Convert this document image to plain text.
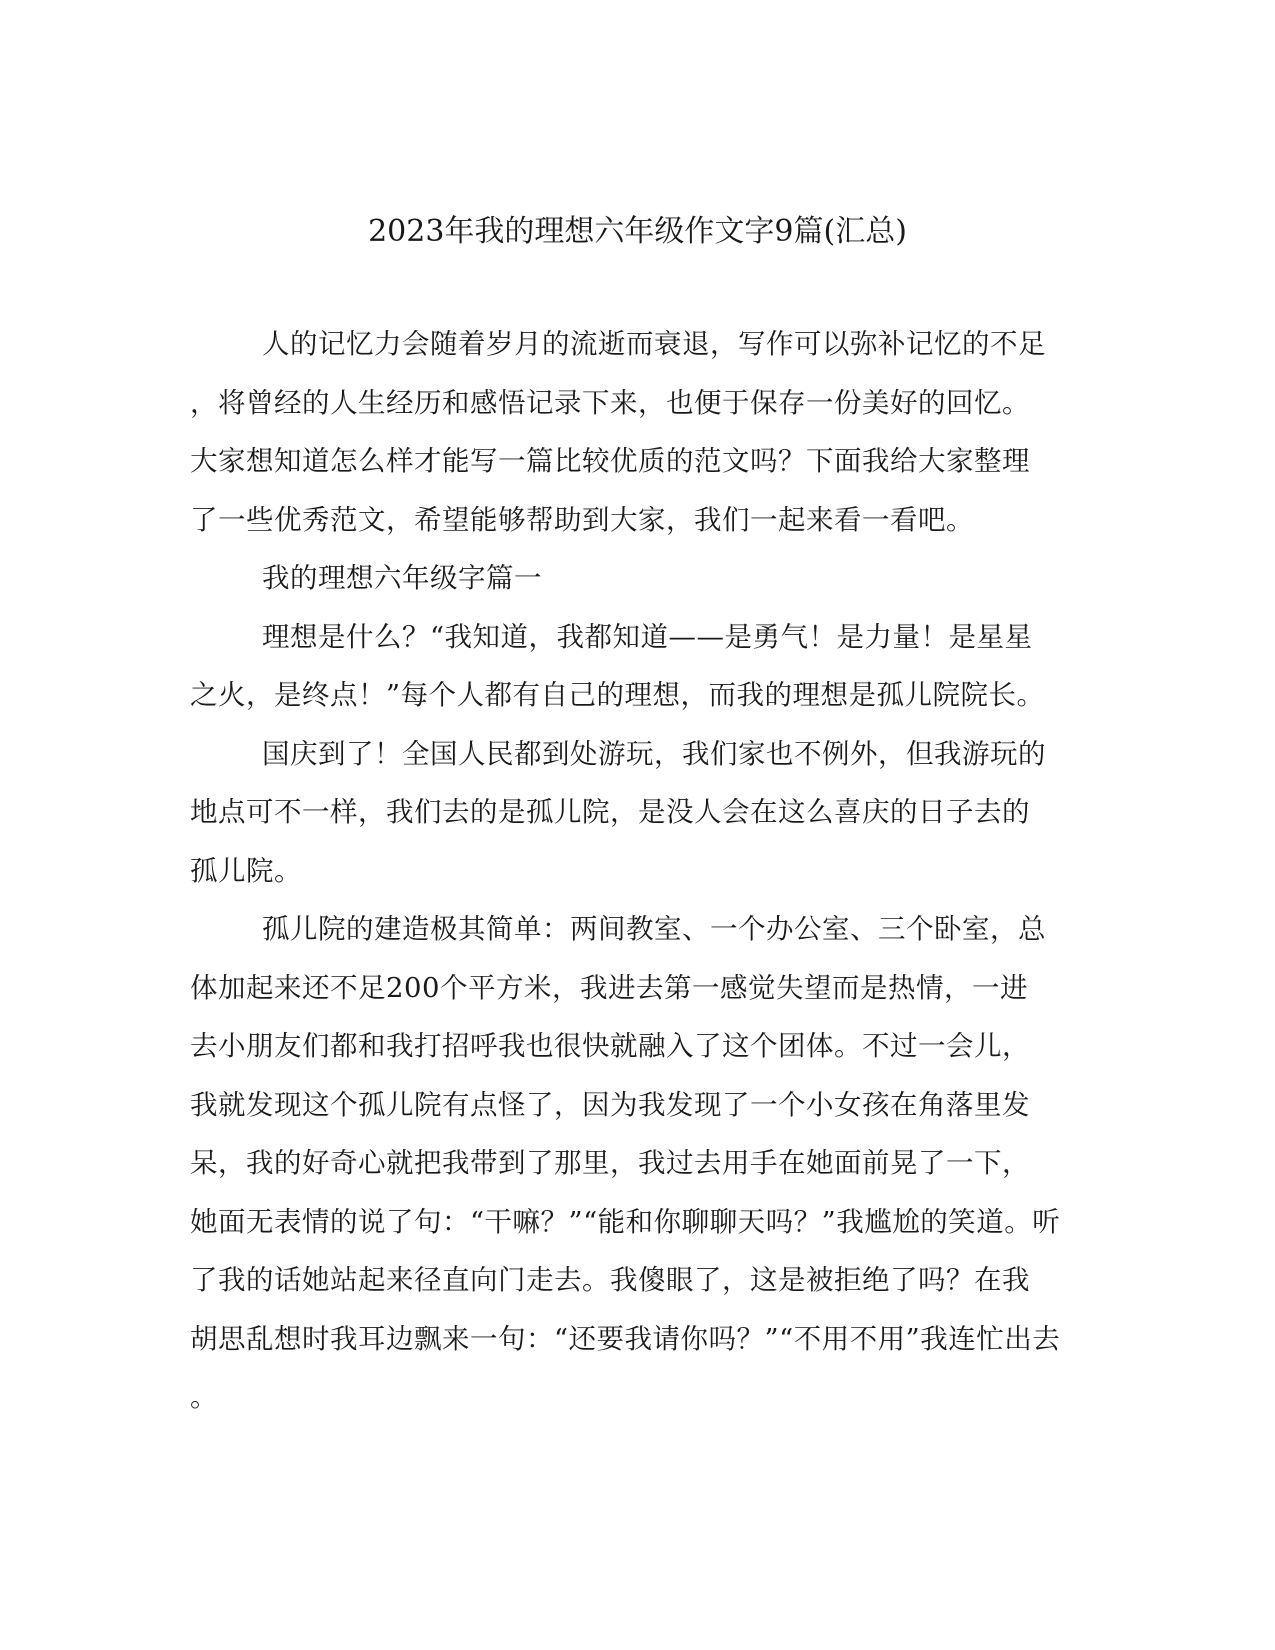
2023年我的理想六年级作文字9篇(汇总)
人的记忆力会随着岁月的流逝而衰退，写作可以弥补记忆的不足
，将曾经的人生经历和感悟记录下来，也便于保存一份美好的回忆。
大家想知道怎么样才能写一篇比较优质的范文吗？下面我给大家整理
了一些优秀范文，希望能够帮助到大家，我们一起来看一看吧。
我的理想六年级字篇一
理想是什么？“我知道，我都知道——是勇气！是力量！是星星
之火，是终点！”每个人都有自己的理想，而我的理想是孤儿院院长。
国庆到了！全国人民都到处游玩，我们家也不例外，但我游玩的
地点可不一样，我们去的是孤儿院，是没人会在这么喜庆的日子去的
孤儿院。
孤儿院的建造极其简单：两间教室、一个办公室、三个卧室，总
体加起来还不足200个平方米，我进去第一感觉失望而是热情，一进
去小朋友们都和我打招呼我也很快就融入了这个团体。不过一会儿，
我就发现这个孤儿院有点怪了，因为我发现了一个小女孩在角落里发
呆，我的好奇心就把我带到了那里，我过去用手在她面前晃了一下，
她面无表情的说了句：“干嘛？”“能和你聊聊天吗？”我尴尬的笑道。听
了我的话她站起来径直向门走去。我傻眼了，这是被拒绝了吗？在我
胡思乱想时我耳边飘来一句：“还要我请你吗？”“不用不用”我连忙出去
。
